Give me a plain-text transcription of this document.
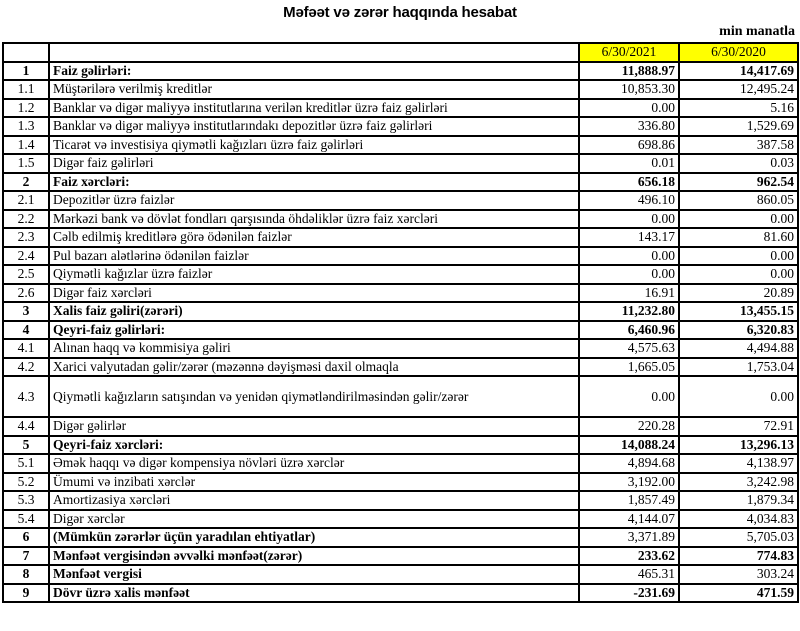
Məfəət və zərər haqqında hesabat
min manatla
		6/30/2021	6/30/2020
1	Faiz gəlirləri:	11,888.97	14,417.69
1.1	Müştərilərə verilmiş kreditlər	10,853.30	12,495.24
1.2	Banklar və digər maliyyə institutlarına verilən kreditlər üzrə faiz gəlirləri	0.00	5.16
1.3	Banklar və digər maliyyə institutlarındakı depozitlər üzrə faiz gəlirləri	336.80	1,529.69
1.4	Ticarət və investisiya qiymətli kağızları üzrə faiz gəlirləri	698.86	387.58
1.5	Digər faiz gəlirləri	0.01	0.03
2	Faiz xərcləri:	656.18	962.54
2.1	Depozitlər üzrə faizlər	496.10	860.05
2.2	Mərkəzi bank və dövlət fondları qarşısında öhdəliklər üzrə faiz xərcləri	0.00	0.00
2.3	Cəlb edilmiş kreditlərə görə ödənilən faizlər	143.17	81.60
2.4	Pul bazarı alətlərinə ödənilən faizlər	0.00	0.00
2.5	Qiymətli kağızlar üzrə faizlər	0.00	0.00
2.6	Digər faiz xərcləri	16.91	20.89
3	Xalis faiz gəliri(zərəri)	11,232.80	13,455.15
4	Qeyri-faiz gəlirləri:	6,460.96	6,320.83
4.1	Alınan haqq və kommisiya gəliri	4,575.63	4,494.88
4.2	Xarici valyutadan gəlir/zərər (məzənnə dəyişməsi daxil olmaqla	1,665.05	1,753.04
4.3	Qiymətli kağızların satışından və yenidən qiymətləndirilməsindən gəlir/zərər	0.00	0.00
4.4	Digər gəlirlər	220.28	72.91
5	Qeyri-faiz xərcləri:	14,088.24	13,296.13
5.1	Əmək haqqı və digər kompensiya növləri üzrə xərclər	4,894.68	4,138.97
5.2	Ümumi və inzibati xərclər	3,192.00	3,242.98
5.3	Amortizasiya xərcləri	1,857.49	1,879.34
5.4	Digər xərclər	4,144.07	4,034.83
6	(Mümkün zərərlər üçün yaradılan ehtiyatlar)	3,371.89	5,705.03
7	Mənfəət vergisindən əvvəlki mənfəət(zərər)	233.62	774.83
8	Mənfəət vergisi	465.31	303.24
9	Dövr üzrə xalis mənfəət	-231.69	471.59
